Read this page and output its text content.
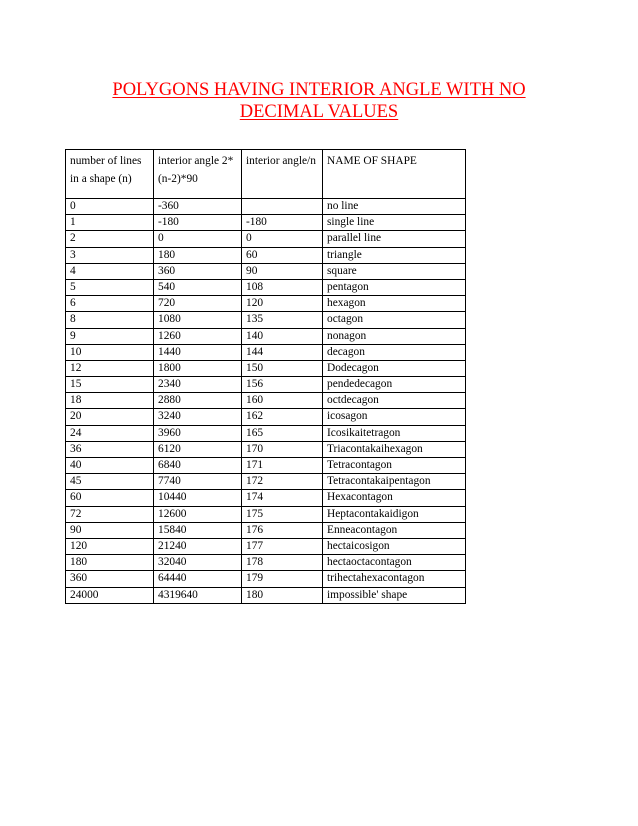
POLYGONS HAVING INTERIOR ANGLE WITH NO DECIMAL VALUES
number of lines in a shape (n)	interior angle 2*(n-2)*90	interior angle/n	NAME OF SHAPE
0	-360		no line
1	-180	-180	single line
2	0	0	parallel line
3	180	60	triangle
4	360	90	square
5	540	108	pentagon
6	720	120	hexagon
8	1080	135	octagon
9	1260	140	nonagon
10	1440	144	decagon
12	1800	150	Dodecagon
15	2340	156	pendedecagon
18	2880	160	octdecagon
20	3240	162	icosagon
24	3960	165	Icosikaitetragon
36	6120	170	Triacontakaihexagon
40	6840	171	Tetracontagon
45	7740	172	Tetracontakaipentagon
60	10440	174	Hexacontagon
72	12600	175	Heptacontakaidigon
90	15840	176	Enneacontagon
120	21240	177	hectaicosigon
180	32040	178	hectaoctacontagon
360	64440	179	trihectahexacontagon
24000	4319640	180	impossible' shape
